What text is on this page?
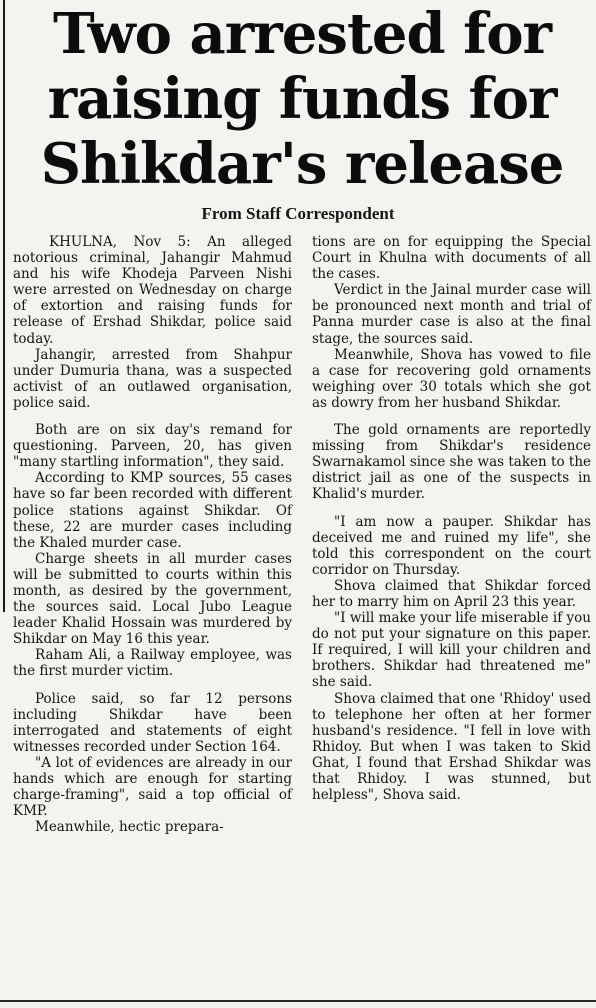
Two arrested for raising funds for Shikdar's release
From Staff Correspondent

KHULNA, Nov 5: An alleged notorious criminal, Jahangir Mahmud and his wife Khodeja Parveen Nishi were arrested on Wednesday on charge of extortion and raising funds for release of Ershad Shikdar, police said today.

Jahangir, arrested from Shahpur under Dumuria thana, was a suspected activist of an outlawed organisation, police said.

Both are on six day's remand for questioning. Parveen, 20, has given "many startling information", they said.

According to KMP sources, 55 cases have so far been recorded with different police stations against Shikdar. Of these, 22 are murder cases including the Khaled murder case.

Charge sheets in all murder cases will be submitted to courts within this month, as desired by the government, the sources said. Local Jubo League leader Khalid Hossain was murdered by Shikdar on May 16 this year.

Raham Ali, a Railway employee, was the first murder victim.

Police said, so far 12 persons including Shikdar have been interrogated and statements of eight witnesses recorded under Section 164.

"A lot of evidences are already in our hands which are enough for starting charge-framing", said a top official of KMP.

Meanwhile, hectic prepara-

tions are on for equipping the Special Court in Khulna with documents of all the cases.

Verdict in the Jainal murder case will be pronounced next month and trial of Panna murder case is also at the final stage, the sources said.

Meanwhile, Shova has vowed to file a case for recovering gold ornaments weighing over 30 totals which she got as dowry from her husband Shikdar.

The gold ornaments are reportedly missing from Shikdar's residence Swarnakamol since she was taken to the district jail as one of the suspects in Khalid's murder.

"I am now a pauper. Shikdar has deceived me and ruined my life", she told this correspondent on the court corridor on Thursday.

Shova claimed that Shikdar forced her to marry him on April 23 this year.

"I will make your life miserable if you do not put your signature on this paper. If required, I will kill your children and brothers. Shikdar had threatened me" she said.

Shova claimed that one 'Rhidoy' used to telephone her often at her former husband's residence. "I fell in love with Rhidoy. But when I was taken to Skid Ghat, I found that Ershad Shikdar was that Rhidoy. I was stunned, but helpless", Shova said.
